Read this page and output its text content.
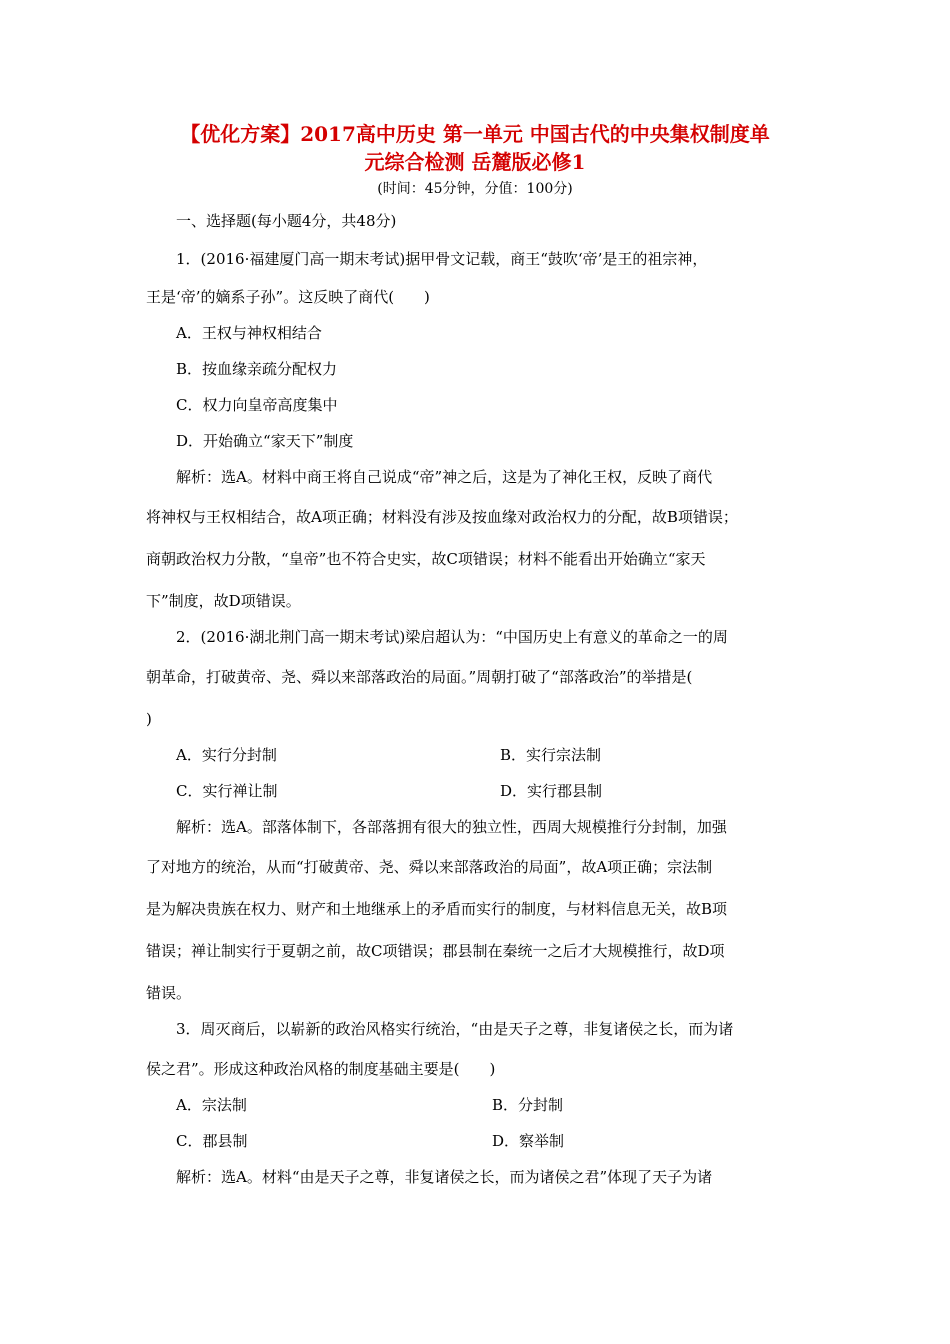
【优化方案】2017高中历史 第一单元 中国古代的中央集权制度单
元综合检测 岳麓版必修1
(时间：45分钟，分值：100分)
一、选择题(每小题4分，共48分)
1．(2016·福建厦门高一期末考试)据甲骨文记载，商王“鼓吹‘帝’是王的祖宗神，
王是‘帝’的嫡系子孙”。这反映了商代(　　)
A．王权与神权相结合
B．按血缘亲疏分配权力
C．权力向皇帝高度集中
D．开始确立“家天下”制度
解析：选A。材料中商王将自己说成“帝”神之后，这是为了神化王权，反映了商代
将神权与王权相结合，故A项正确；材料没有涉及按血缘对政治权力的分配，故B项错误；
商朝政治权力分散，“皇帝”也不符合史实，故C项错误；材料不能看出开始确立“家天
下”制度，故D项错误。
2．(2016·湖北荆门高一期末考试)梁启超认为：“中国历史上有意义的革命之一的周
朝革命，打破黄帝、尧、舜以来部落政治的局面。”周朝打破了“部落政治”的举措是(
)
A．实行分封制	B．实行宗法制
C．实行禅让制	D．实行郡县制
解析：选A。部落体制下，各部落拥有很大的独立性，西周大规模推行分封制，加强
了对地方的统治，从而“打破黄帝、尧、舜以来部落政治的局面”，故A项正确；宗法制
是为解决贵族在权力、财产和土地继承上的矛盾而实行的制度，与材料信息无关，故B项
错误；禅让制实行于夏朝之前，故C项错误；郡县制在秦统一之后才大规模推行，故D项
错误。
3．周灭商后，以崭新的政治风格实行统治，“由是天子之尊，非复诸侯之长，而为诸
侯之君”。形成这种政治风格的制度基础主要是(　　)
A．宗法制	B．分封制
C．郡县制	D．察举制
解析：选A。材料“由是天子之尊，非复诸侯之长，而为诸侯之君”体现了天子为诸
